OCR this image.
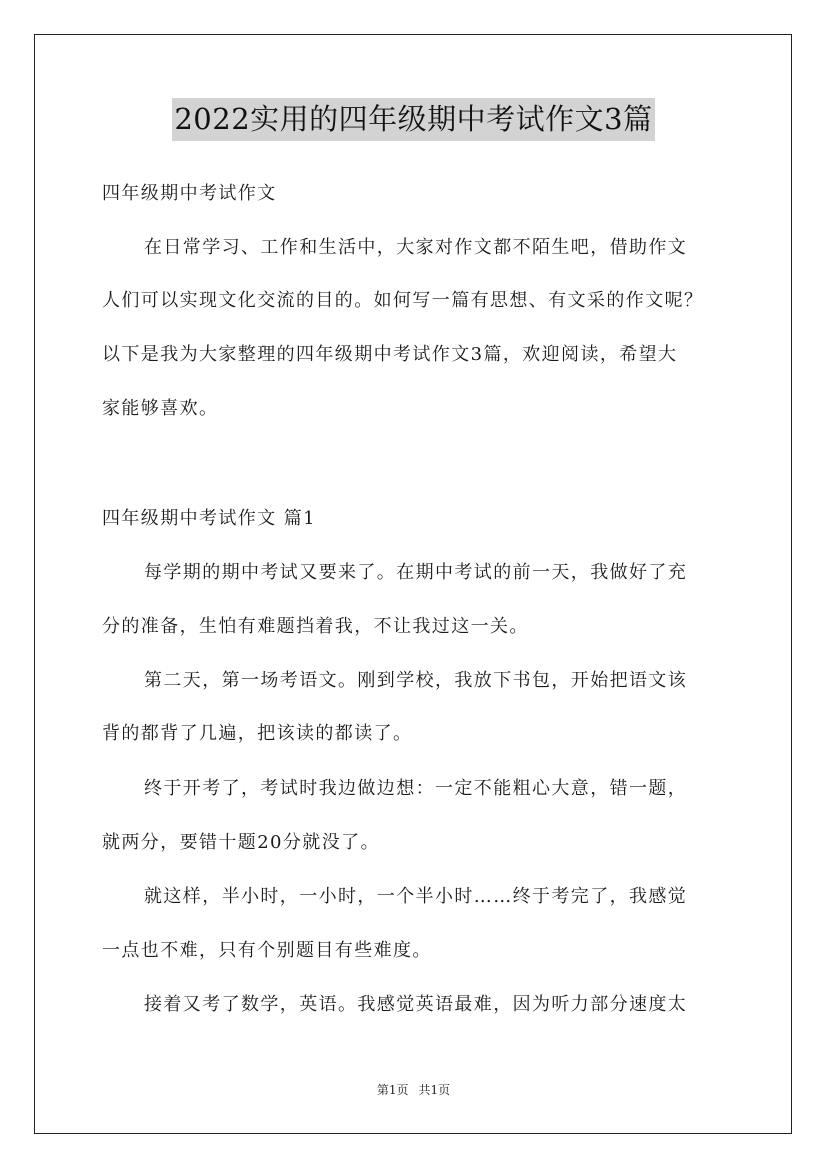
2022实用的四年级期中考试作文3篇
四年级期中考试作文
在日常学习、工作和生活中，大家对作文都不陌生吧，借助作文
人们可以实现文化交流的目的。如何写一篇有思想、有文采的作文呢？
以下是我为大家整理的四年级期中考试作文3篇，欢迎阅读，希望大
家能够喜欢。
四年级期中考试作文 篇1
每学期的期中考试又要来了。在期中考试的前一天，我做好了充
分的准备，生怕有难题挡着我，不让我过这一关。
第二天，第一场考语文。刚到学校，我放下书包，开始把语文该
背的都背了几遍，把该读的都读了。
终于开考了，考试时我边做边想：一定不能粗心大意，错一题，
就两分，要错十题20分就没了。
就这样，半小时，一小时，一个半小时……终于考完了，我感觉
一点也不难，只有个别题目有些难度。
接着又考了数学，英语。我感觉英语最难，因为听力部分速度太
第1页 共1页
